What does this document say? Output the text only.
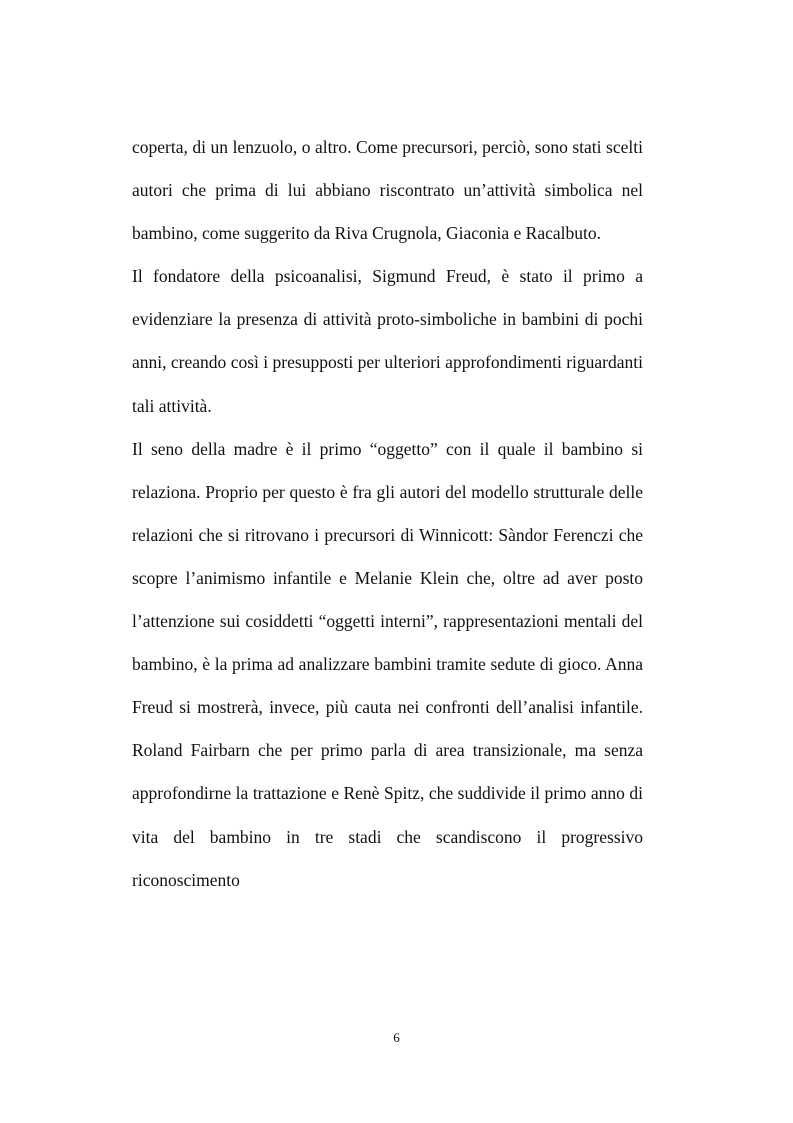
coperta, di un lenzuolo, o altro. Come precursori, perciò, sono stati scelti autori che prima di lui abbiano riscontrato un’attività simbolica nel bambino, come suggerito da Riva Crugnola, Giaconia e Racalbuto.

Il fondatore della psicoanalisi, Sigmund Freud, è stato il primo a evidenziare la presenza di attività proto-simboliche in bambini di pochi anni, creando così i presupposti per ulteriori approfondimenti riguardanti tali attività.

Il seno della madre è il primo “oggetto” con il quale il bambino si relaziona. Proprio per questo è fra gli autori del modello strutturale delle relazioni che si ritrovano i precursori di Winnicott: Sàndor Ferenczi che scopre l’animismo infantile e Melanie Klein che, oltre ad aver posto l’attenzione sui cosiddetti “oggetti interni”, rappresentazioni mentali del bambino, è la prima ad analizzare bambini tramite sedute di gioco. Anna Freud si mostrerà, invece, più cauta nei confronti dell’analisi infantile. Roland Fairbarn che per primo parla di area transizionale, ma senza approfondirne la trattazione e Renè Spitz, che suddivide il primo anno di vita del bambino in tre stadi che scandiscono il progressivo riconoscimento

6
